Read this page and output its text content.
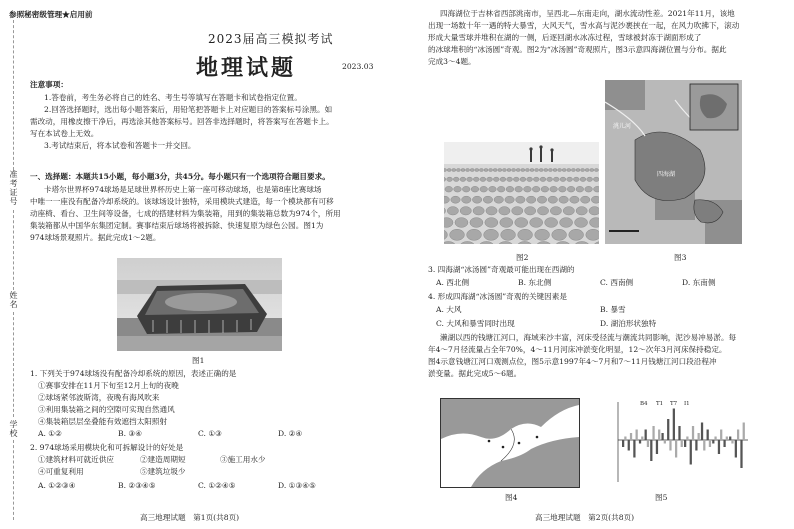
参照秘密级管理★启用前
2023届高三模拟考试
地理试题	2023.03
注意事项：
1.答卷前，考生务必将自己的姓名、考生号等填写在答题卡和试卷指定位置。
2.回答选择题时，选出每小题答案后，用铅笔把答题卡上对应题目的答案标号涂黑。如
需改动，用橡皮擦干净后，再选涂其他答案标号。回答非选择题时，将答案写在答题卡上。
写在本试卷上无效。
3.考试结束后，将本试卷和答题卡一并交回。
一、选择题：本题共15小题，每小题3分，共45分。每小题只有一个选项符合题目要求。
卡塔尔世界杯974球场是足球世界杯历史上第一座可移动球场，也是第8座比赛球场
中唯一一座没有配备冷却系统的。该球场设计独特，采用模块式建造，每一个模块都有可移
动座椅、看台、卫生间等设备，七成的搭建材料为集装箱，用到的集装箱总数为974个，所用
集装箱都从中国华东集团定制。赛事结束后球场将被拆除、快速复原为绿色公园。图1为
974球场景观照片。据此完成1～2题。
图1
1. 下列关于974球场没有配备冷却系统的原因，表述正确的是
①赛事安排在11月下旬至12月上旬的夜晚
②球场紧邻波斯湾，夜晚有海风吹来
③利用集装箱之间的空隙可实现自然通风
④集装箱层层垒叠能有效遮挡太阳照射
A. ①②	B. ③④	C. ①③	D. ②④
2. 974球场采用模块化和可拆解设计的好处是
①建筑材料可就近供应	②建造周期短	③施工用水少
④可重复利用	⑤建筑垃圾少
A. ①②③④	B. ②③④⑤	C. ①②④⑤	D. ①③④⑤
高三地理试题　第1页(共8页)
准考证号
姓名
学校
四海湖位于吉林省西部洮南市，呈西北—东南走向，湖水流动性差。2021年11月，该地
出现一场数十年一遇的特大暴雪，大风天气，雪水高与泥沙裹挟在一起，在风力吹拂下，滚动
形成大量雪球并堆积在湖的一侧，后逐回湖水冰冻过程，雪球被封冻于湖面形成了
的冰球堆积的“冰汤圆”奇观。图2为“冰汤圆”奇观照片，图3示意四海湖位置与分布。据此
完成3～4题。
图2
四海湖
洮儿河
图3
3. 四海湖“冰汤圆”奇观最可能出现在西湖的
A. 西北侧	B. 东北侧	C. 西南侧	D. 东南侧
4. 形成四海湖“冰汤圆”奇观的关键因素是
A. 大风	B. 暴雪
C. 大风和暴雪同时出现	D. 湖泊形状独特
濑湖以西的钱塘江河口，海域来沙丰富，河床受径流与潮流共同影响，泥沙易冲易淤。每
年4～7月径流量占全年70%，4～11月河床冲淤变化明显，12～次年3月河床保持稳定。
图4示意钱塘江河口观测点位，图5示意1997年4～7月和7～11月钱塘江河口段沿程冲
淤变量。据此完成5～6题。
图4
B4 T1 T7 I1
图5
高三地理试题　第2页(共8页)
